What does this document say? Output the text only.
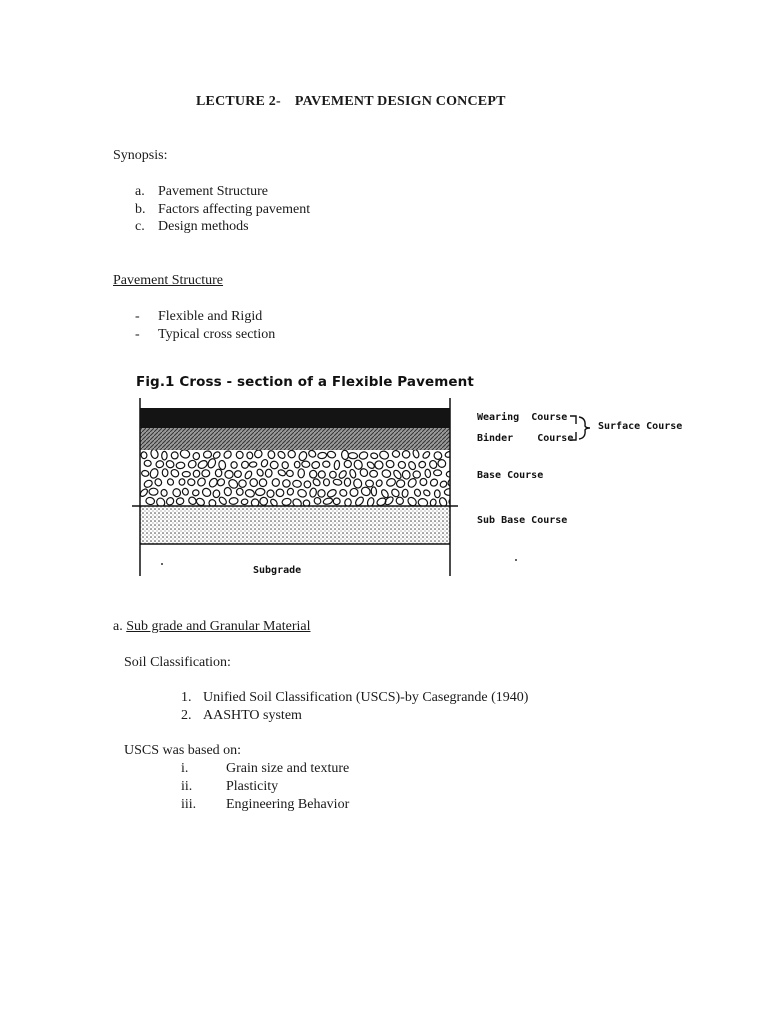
LECTURE 2- PAVEMENT DESIGN CONCEPT
Synopsis:
a. Pavement Structure
b. Factors affecting pavement
c. Design methods
Pavement Structure
- Flexible and Rigid
- Typical cross section
Fig.1 Cross - section of a Flexible Pavement
Wearing Course
Binder Course
Surface Course
Base Course
Sub Base Course
Subgrade
a. Sub grade and Granular Material
Soil Classification:
1. Unified Soil Classification (USCS)-by Casegrande (1940)
2. AASHTO system
USCS was based on:
i.	Grain size and texture
ii. Plasticity
iii. Engineering Behavior
